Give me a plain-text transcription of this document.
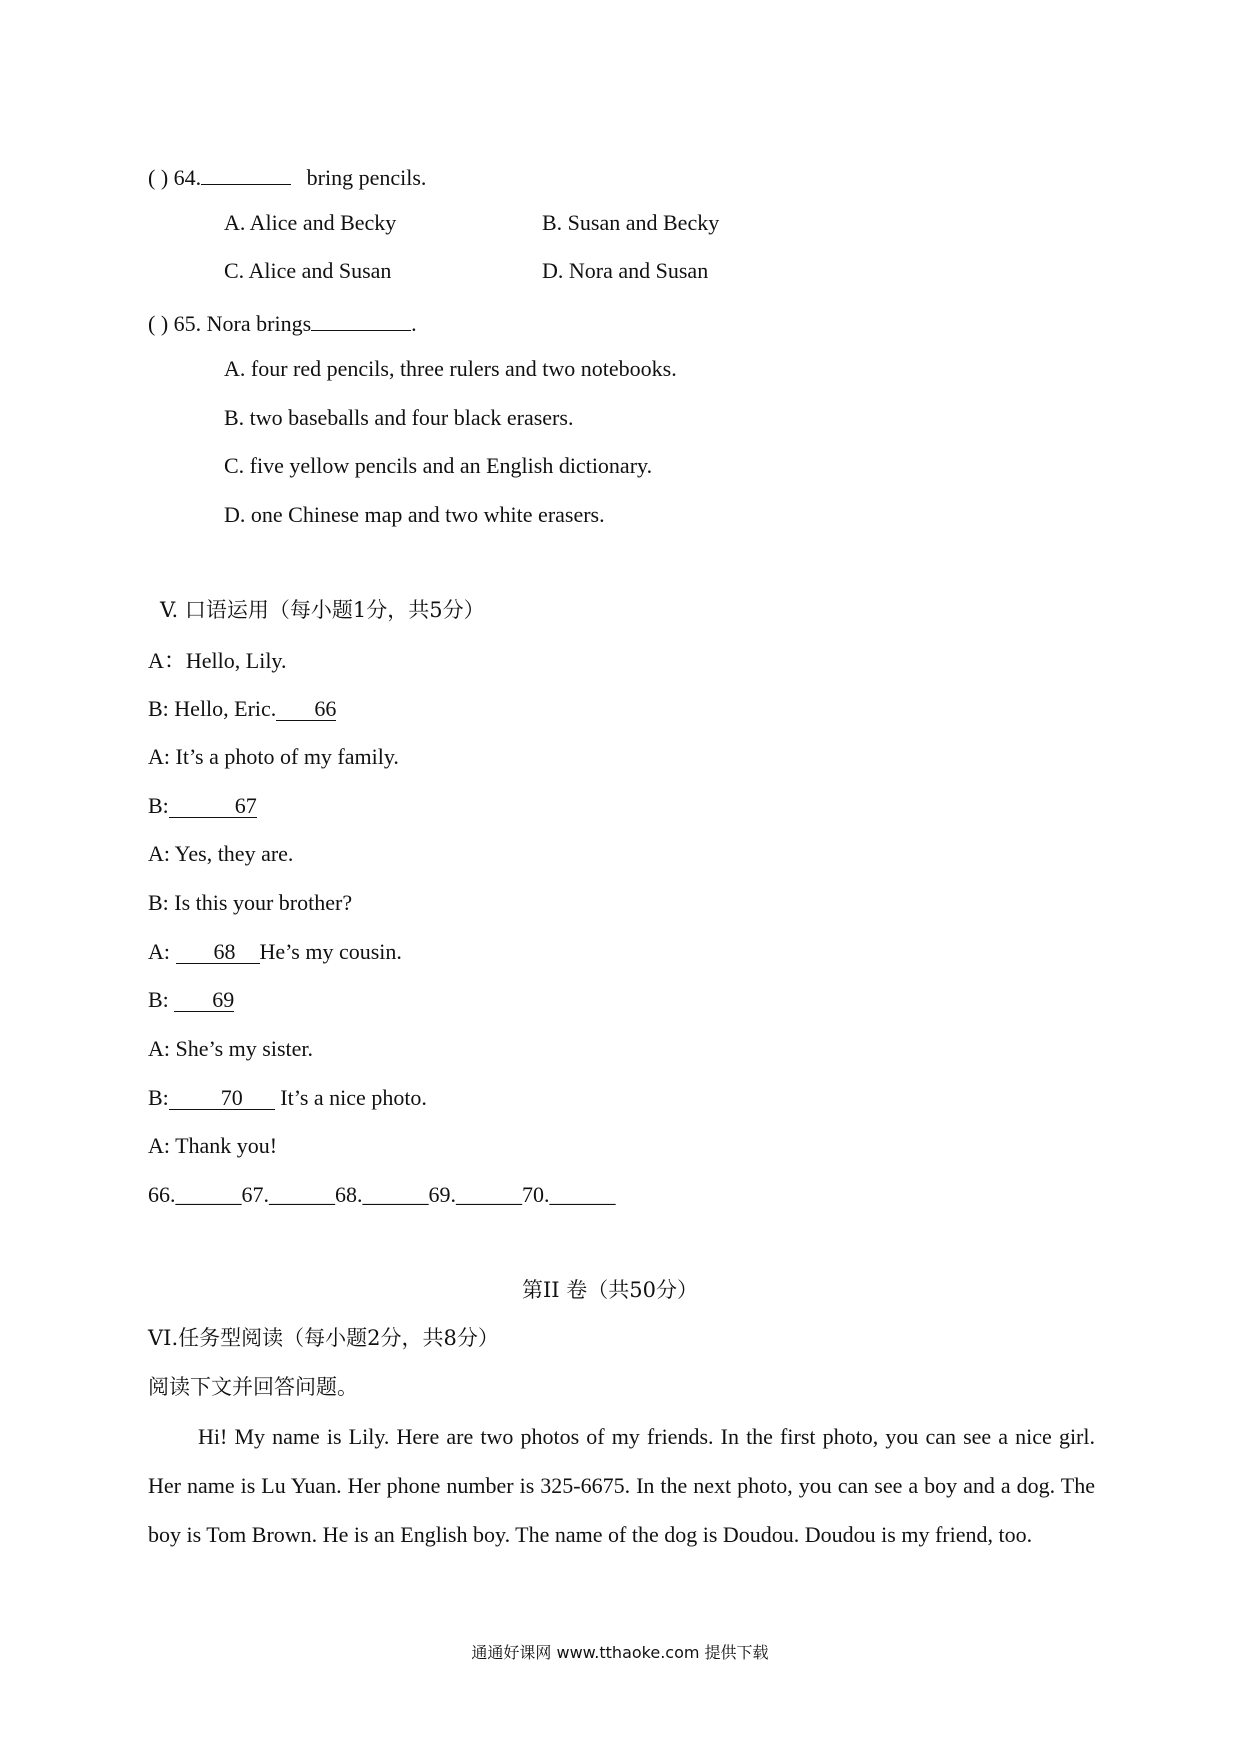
( ) 64.	bring pencils.
A. Alice and Becky	B. Susan and Becky
C. Alice and Susan	D. Nora and Susan
( ) 65. Nora brings	.
A. four red pencils, three rulers and two notebooks.
B. two baseballs and four black erasers.
C. five yellow pencils and an English dictionary.
D. one Chinese map and two white erasers.
V. 口语运用（每小题1分，共5分）
A：Hello, Lily.
B: Hello, Eric. 66
A: It’s a photo of my family.
B:	67
A: Yes, they are.
B: Is this your brother?
A: 68 He’s my cousin.
B: 69
A: She’s my sister.
B: 70 It’s a nice photo.
A: Thank you!
66.______67.______68.______69.______70.______
第II 卷（共50分）
VI.任务型阅读（每小题2分，共8分）
阅读下文并回答问题。

Hi! My name is Lily. Here are two photos of my friends. In the first photo, you can see a nice girl. Her name is Lu Yuan. Her phone number is 325-6675. In the next photo, you can see a boy and a dog. The boy is Tom Brown. He is an English boy. The name of the dog is Doudou. Doudou is my friend, too.

通通好课网 www.tthaoke.com 提供下载
